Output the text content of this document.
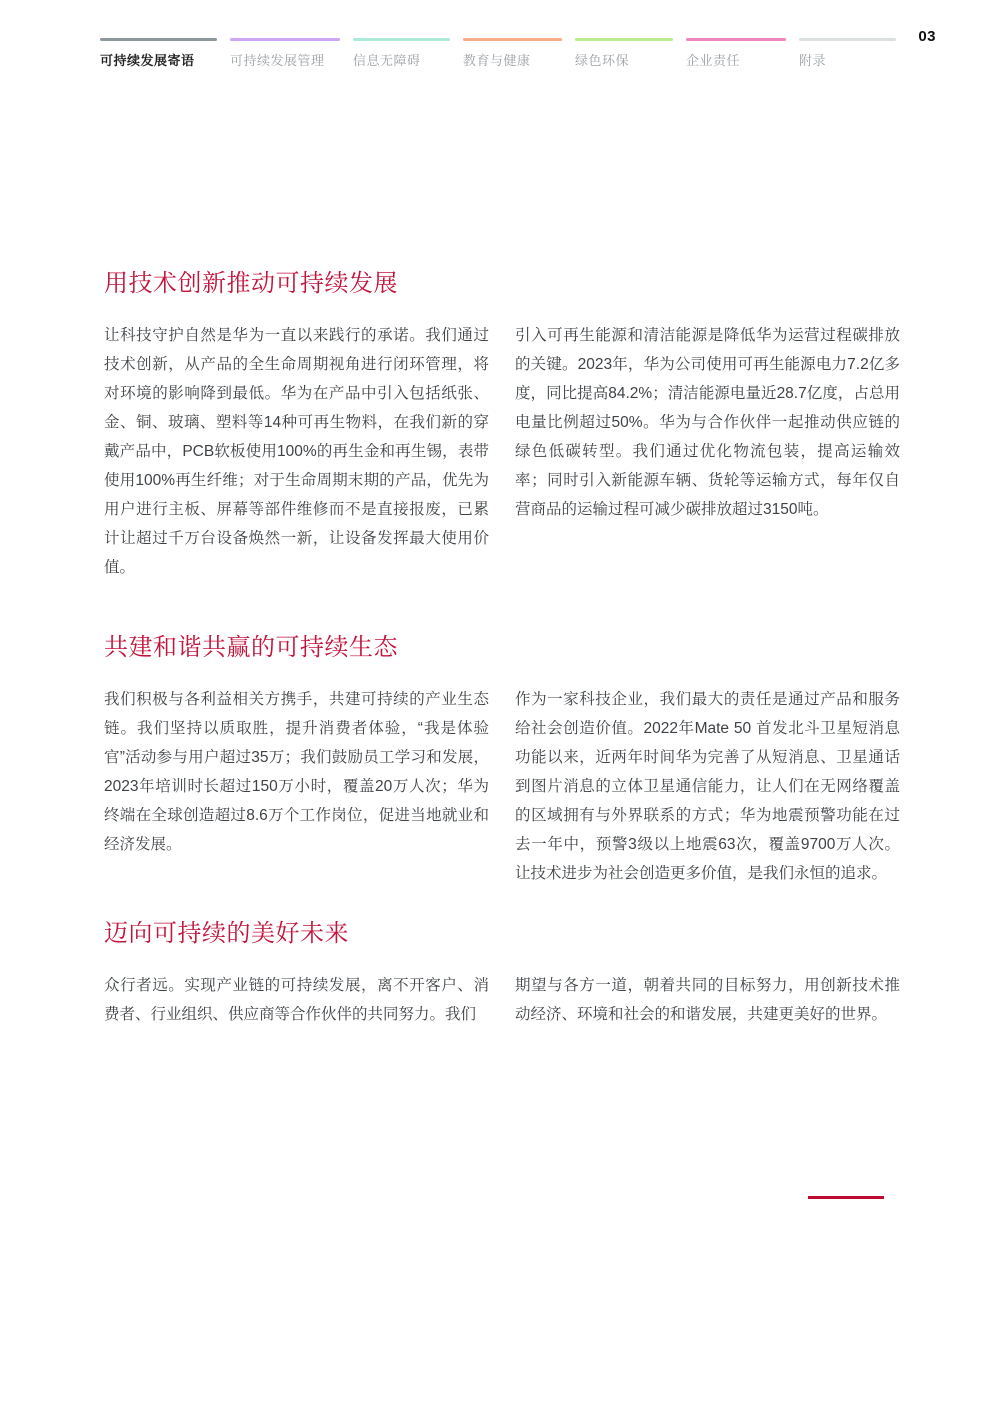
可持续发展寄语	可持续发展管理	信息无障碍	教育与健康	绿色环保	企业责任	附录
03
用技术创新推动可持续发展

让科技守护自然是华为一直以来践行的承诺。我们通过技术创新，从产品的全生命周期视角进行闭环管理，将对环境的影响降到最低。华为在产品中引入包括纸张、金、铜、玻璃、塑料等14种可再生物料，在我们新的穿戴产品中，PCB软板使用100%的再生金和再生锡，表带使用100%再生纤维；对于生命周期末期的产品，优先为用户进行主板、屏幕等部件维修而不是直接报废，已累计让超过千万台设备焕然一新，让设备发挥最大使用价值。

引入可再生能源和清洁能源是降低华为运营过程碳排放的关键。2023年，华为公司使用可再生能源电力7.2亿多度，同比提高84.2%；清洁能源电量近28.7亿度，占总用电量比例超过50%。华为与合作伙伴一起推动供应链的绿色低碳转型。我们通过优化物流包装，提高运输效率；同时引入新能源车辆、货轮等运输方式，每年仅自营商品的运输过程可减少碳排放超过3150吨。

共建和谐共赢的可持续生态

我们积极与各利益相关方携手，共建可持续的产业生态链。我们坚持以质取胜，提升消费者体验，“我是体验官”活动参与用户超过35万；我们鼓励员工学习和发展，2023年培训时长超过150万小时，覆盖20万人次；华为终端在全球创造超过8.6万个工作岗位，促进当地就业和经济发展。

作为一家科技企业，我们最大的责任是通过产品和服务给社会创造价值。2022年Mate 50 首发北斗卫星短消息功能以来，近两年时间华为完善了从短消息、卫星通话到图片消息的立体卫星通信能力，让人们在无网络覆盖的区域拥有与外界联系的方式；华为地震预警功能在过去一年中，预警3级以上地震63次，覆盖9700万人次。让技术进步为社会创造更多价值，是我们永恒的追求。

迈向可持续的美好未来

众行者远。实现产业链的可持续发展，离不开客户、消费者、行业组织、供应商等合作伙伴的共同努力。我们

期望与各方一道，朝着共同的目标努力，用创新技术推动经济、环境和社会的和谐发展，共建更美好的世界。
